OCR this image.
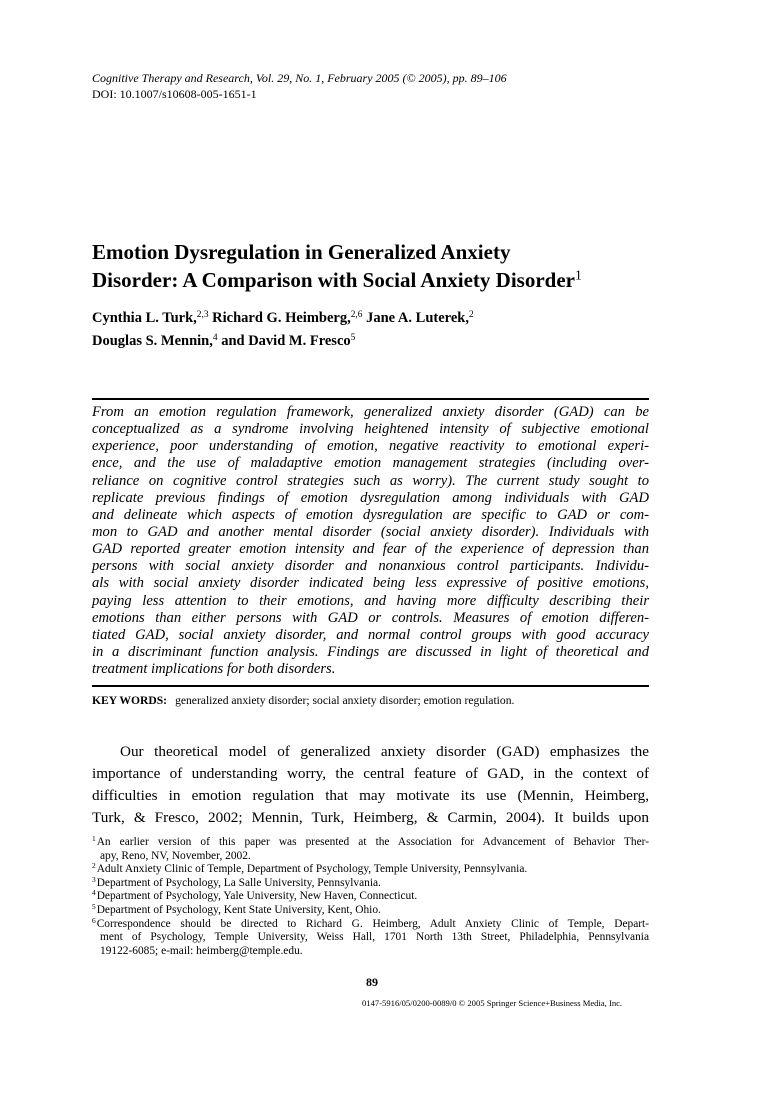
Cognitive Therapy and Research, Vol. 29, No. 1, February 2005 (© 2005), pp. 89–106
DOI: 10.1007/s10608-005-1651-1
Emotion Dysregulation in Generalized Anxiety
Disorder: A Comparison with Social Anxiety Disorder$^1$
Cynthia L. Turk,$^{2,3}$ Richard G. Heimberg,$^{2,6}$ Jane A. Luterek,$^2$
Douglas S. Mennin,$^4$ and David M. Fresco$^5$
From an emotion regulation framework, generalized anxiety disorder (GAD) can be
conceptualized as a syndrome involving heightened intensity of subjective emotional
experience, poor understanding of emotion, negative reactivity to emotional experi-
ence, and the use of maladaptive emotion management strategies (including over-
reliance on cognitive control strategies such as worry). The current study sought to
replicate previous findings of emotion dysregulation among individuals with GAD
and delineate which aspects of emotion dysregulation are specific to GAD or com-
mon to GAD and another mental disorder (social anxiety disorder). Individuals with
GAD reported greater emotion intensity and fear of the experience of depression than
persons with social anxiety disorder and nonanxious control participants. Individu-
als with social anxiety disorder indicated being less expressive of positive emotions,
paying less attention to their emotions, and having more difficulty describing their
emotions than either persons with GAD or controls. Measures of emotion differen-
tiated GAD, social anxiety disorder, and normal control groups with good accuracy
in a discriminant function analysis. Findings are discussed in light of theoretical and
treatment implications for both disorders.
KEY WORDS: generalized anxiety disorder; social anxiety disorder; emotion regulation.
Our theoretical model of generalized anxiety disorder (GAD) emphasizes the
importance of understanding worry, the central feature of GAD, in the context of
difficulties in emotion regulation that may motivate its use (Mennin, Heimberg,
Turk, & Fresco, 2002; Mennin, Turk, Heimberg, & Carmin, 2004). It builds upon
$^1$An earlier version of this paper was presented at the Association for Advancement of Behavior Ther-
apy, Reno, NV, November, 2002.
$^2$Adult Anxiety Clinic of Temple, Department of Psychology, Temple University, Pennsylvania.
$^3$Department of Psychology, La Salle University, Pennsylvania.
$^4$Department of Psychology, Yale University, New Haven, Connecticut.
$^5$Department of Psychology, Kent State University, Kent, Ohio.
$^6$Correspondence should be directed to Richard G. Heimberg, Adult Anxiety Clinic of Temple, Depart-
ment of Psychology, Temple University, Weiss Hall, 1701 North 13th Street, Philadelphia, Pennsylvania
19122-6085; e-mail: heimberg@temple.edu.
89
0147-5916/05/0200-0089/0 © 2005 Springer Science+Business Media, Inc.
